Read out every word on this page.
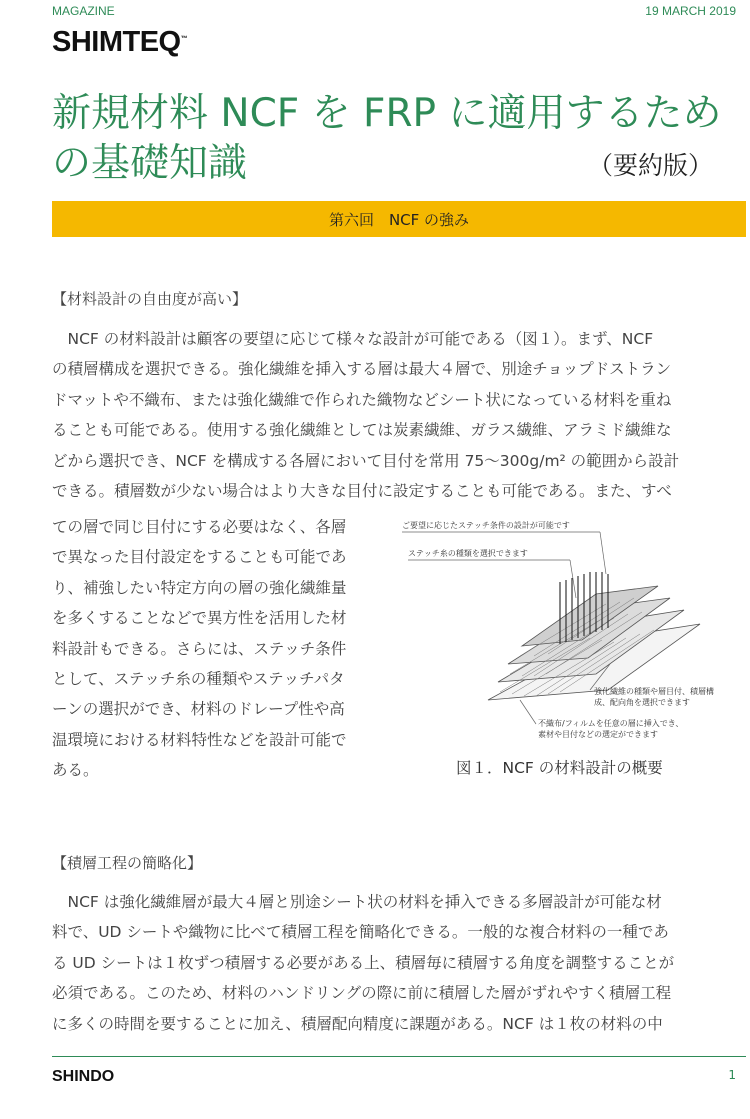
MAGAZINE	19 MARCH 2019
SHIMTEQ™
新規材料 NCF を FRP に適用するため
の基礎知識	（要約版）
第六回　NCF の強み
【材料設計の自由度が高い】
　NCF の材料設計は顧客の要望に応じて様々な設計が可能である（図１）。まず、NCF
の積層構成を選択できる。強化繊維を挿入する層は最大４層で、別途チョップドストラン
ドマットや不織布、または強化繊維で作られた織物などシート状になっている材料を重ね
ることも可能である。使用する強化繊維としては炭素繊維、ガラス繊維、アラミド繊維な
どから選択でき、NCF を構成する各層において目付を常用 75～300g/m² の範囲から設計
できる。積層数が少ない場合はより大きな目付に設定することも可能である。また、すべ
ての層で同じ目付にする必要はなく、各層
で異なった目付設定をすることも可能であ
り、補強したい特定方向の層の強化繊維量
を多くすることなどで異方性を活用した材
料設計もできる。さらには、ステッチ条件
として、ステッチ糸の種類やステッチパタ
ーンの選択ができ、材料のドレープ性や高
温環境における材料特性などを設計可能で
ある。
ご要望に応じたステッチ条件の設計が可能です
ステッチ糸の種類を選択できます
強化繊維の種類や層目付、積層構
成、配向角を選択できます
不織布/フィルムを任意の層に挿入でき、
素材や目付などの選定ができます
図１．NCF の材料設計の概要
【積層工程の簡略化】
　NCF は強化繊維層が最大４層と別途シート状の材料を挿入できる多層設計が可能な材
料で、UD シートや織物に比べて積層工程を簡略化できる。一般的な複合材料の一種であ
る UD シートは１枚ずつ積層する必要がある上、積層毎に積層する角度を調整することが
必須である。このため、材料のハンドリングの際に前に積層した層がずれやすく積層工程
に多くの時間を要することに加え、積層配向精度に課題がある。NCF は１枚の材料の中
SHINDO	1
